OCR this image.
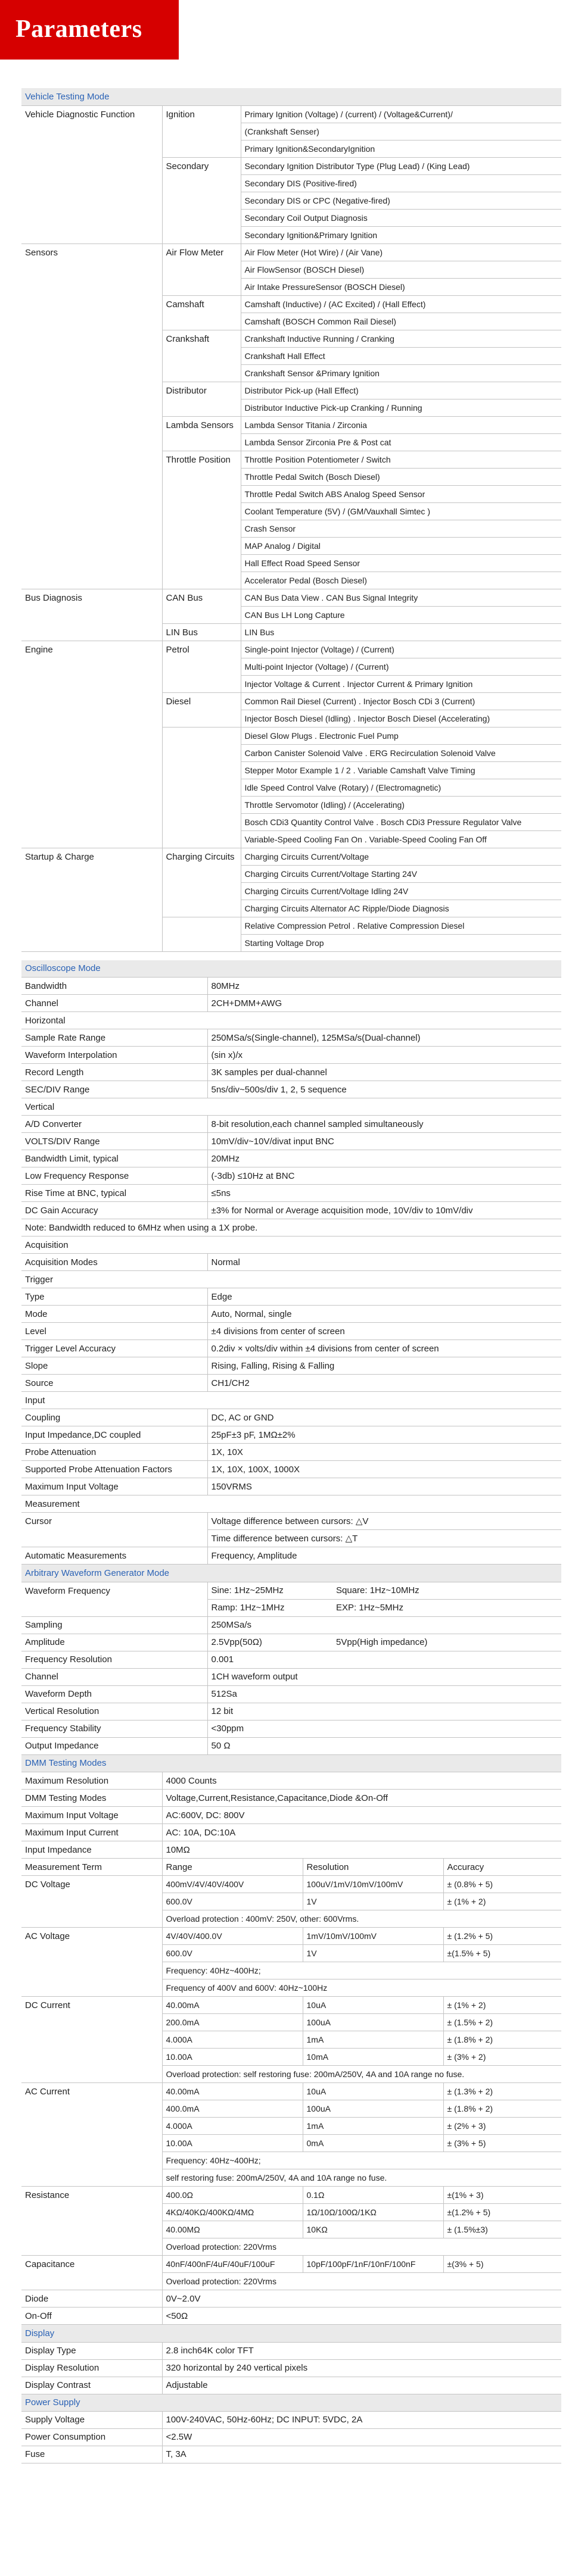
Parameters
Vehicle Testing Mode		
Vehicle Diagnostic Function	Ignition	Primary Ignition (Voltage) / (current) / (Voltage&Current)/
		(Crankshaft Senser)
		Primary Ignition&SecondaryIgnition
	Secondary	Secondary Ignition Distributor Type (Plug Lead) / (King Lead)
		Secondary DIS (Positive-fired)
		Secondary DIS or CPC (Negative-fired)
		Secondary Coil Output Diagnosis
		Secondary Ignition&Primary Ignition
Sensors	Air Flow Meter	Air Flow Meter (Hot Wire) / (Air Vane)
		Air FlowSensor (BOSCH Diesel)
		Air Intake PressureSensor (BOSCH Diesel)
	Camshaft	Camshaft (Inductive) / (AC Excited) / (Hall Effect)
		Camshaft (BOSCH Common Rail Diesel)
	Crankshaft	Crankshaft Inductive Running / Cranking
		Crankshaft Hall Effect
		Crankshaft Sensor &Primary Ignition
	Distributor	Distributor Pick-up (Hall Effect)
		Distributor Inductive Pick-up Cranking / Running
	Lambda Sensors	Lambda Sensor Titania / Zirconia
		Lambda Sensor Zirconia Pre & Post cat
	Throttle Position	Throttle Position Potentiometer / Switch
		Throttle Pedal Switch (Bosch Diesel)
		Throttle Pedal Switch ABS Analog Speed Sensor
		Coolant Temperature (5V) / (GM/Vauxhall Simtec )
		Crash Sensor
		MAP Analog / Digital
		Hall Effect Road Speed Sensor
		Accelerator Pedal (Bosch Diesel)
Bus Diagnosis	CAN Bus	CAN Bus Data View . CAN Bus Signal Integrity
		CAN Bus LH Long Capture
	LIN Bus	LIN Bus
Engine	Petrol	Single-point Injector (Voltage) / (Current)
		Multi-point Injector (Voltage) / (Current)
		Injector Voltage & Current . Injector Current & Primary Ignition
	Diesel	Common Rail Diesel (Current) . Injector Bosch CDi 3 (Current)
		Injector Bosch Diesel (Idling) . Injector Bosch Diesel (Accelerating)
		Diesel Glow Plugs . Electronic Fuel Pump
		Carbon Canister Solenoid Valve . ERG Recirculation Solenoid Valve
		Stepper Motor Example 1 / 2 . Variable Camshaft Valve Timing
		Idle Speed Control Valve (Rotary) / (Electromagnetic)
		Throttle Servomotor (Idling) / (Accelerating)
		Bosch CDi3 Quantity Control Valve . Bosch CDi3 Pressure Regulator Valve
		Variable-Speed Cooling Fan On . Variable-Speed Cooling Fan Off
Startup & Charge	Charging Circuits	Charging Circuits Current/Voltage
		Charging Circuits Current/Voltage Starting 24V
		Charging Circuits Current/Voltage Idling 24V
		Charging Circuits Alternator AC Ripple/Diode Diagnosis
		Relative Compression Petrol . Relative Compression Diesel
		Starting Voltage Drop
Oscilloscope Mode	
Bandwidth	80MHz
Channel	2CH+DMM+AWG
Horizontal	
Sample Rate Range	250MSa/s(Single-channel), 125MSa/s(Dual-channel)
Waveform Interpolation	(sin x)/x
Record Length	3K samples per dual-channel
SEC/DIV Range	5ns/div~500s/div 1, 2, 5 sequence
Vertical	
A/D Converter	8-bit resolution,each channel sampled simultaneously
VOLTS/DIV Range	10mV/div~10V/divat input BNC
Bandwidth Limit, typical	20MHz
Low Frequency Response	(-3db) ≤10Hz at BNC
Rise Time at BNC, typical	≤5ns
DC Gain Accuracy	±3% for Normal or Average acquisition mode, 10V/div to 10mV/div
Note: Bandwidth reduced to 6MHz when using a 1X probe.	
Acquisition	
Acquisition Modes	Normal
Trigger	
Type	Edge
Mode	Auto, Normal, single
Level	±4 divisions from center of screen
Trigger Level Accuracy	0.2div × volts/div within ±4 divisions from center of screen
Slope	Rising, Falling, Rising & Falling
Source	CH1/CH2
Input	
Coupling	DC, AC or GND
Input Impedance,DC coupled	25pF±3 pF, 1MΩ±2%
Probe Attenuation	1X, 10X
Supported Probe Attenuation Factors	1X, 10X, 100X, 1000X
Maximum Input Voltage	150VRMS
Measurement	
Cursor	Voltage difference between cursors: △V
	Time difference between cursors: △T
Automatic Measurements	Frequency, Amplitude
Arbitrary Waveform Generator Mode		
Waveform Frequency	Sine: 1Hz~25MHz	Square: 1Hz~10MHz
	Ramp: 1Hz~1MHz	EXP: 1Hz~5MHz
Sampling	250MSa/s	
Amplitude	2.5Vpp(50Ω)	5Vpp(High impedance)
Frequency Resolution	0.001	
Channel	1CH waveform output	
Waveform Depth	512Sa	
Vertical Resolution	12 bit	
Frequency Stability	<30ppm	
Output Impedance	50 Ω	
DMM Testing Modes			
Maximum Resolution	4000 Counts		
DMM Testing Modes	Voltage,Current,Resistance,Capacitance,Diode &On-Off		
Maximum Input Voltage	AC:600V, DC: 800V		
Maximum Input Current	AC: 10A, DC:10A		
Input Impedance	10MΩ		
Measurement Term	Range	Resolution	Accuracy
DC Voltage	400mV/4V/40V/400V	100uV/1mV/10mV/100mV	± (0.8% + 5)
	600.0V	1V	± (1% + 2)
	Overload protection : 400mV: 250V, other: 600Vrms.		
AC Voltage	4V/40V/400.0V	1mV/10mV/100mV	± (1.2% + 5)
	600.0V	1V	±(1.5% + 5)
	Frequency: 40Hz~400Hz;		
	Frequency of 400V and 600V: 40Hz~100Hz		
DC Current	40.00mA	10uA	± (1% + 2)
	200.0mA	100uA	± (1.5% + 2)
	4.000A	1mA	± (1.8% + 2)
	10.00A	10mA	± (3% + 2)
	Overload protection: self restoring fuse: 200mA/250V, 4A and 10A range no fuse.		
AC Current	40.00mA	10uA	± (1.3% + 2)
	400.0mA	100uA	± (1.8% + 2)
	4.000A	1mA	± (2% + 3)
	10.00A	0mA	± (3% + 5)
	Frequency: 40Hz~400Hz;		
	self restoring fuse: 200mA/250V, 4A and 10A range no fuse.		
Resistance	400.0Ω	0.1Ω	±(1% + 3)
	4KΩ/40KΩ/400KΩ/4MΩ	1Ω/10Ω/100Ω/1KΩ	±(1.2% + 5)
	40.00MΩ	10KΩ	± (1.5%±3)
	Overload protection: 220Vrms		
Capacitance	40nF/400nF/4uF/40uF/100uF	10pF/100pF/1nF/10nF/100nF	±(3% + 5)
	Overload protection: 220Vrms		
Diode	0V~2.0V		
On-Off	<50Ω		
Display	
Display Type	2.8 inch64K color TFT
Display Resolution	320 horizontal by 240 vertical pixels
Display Contrast	Adjustable
Power Supply	
Supply Voltage	100V-240VAC, 50Hz-60Hz; DC INPUT: 5VDC, 2A
Power Consumption	<2.5W
Fuse	T, 3A
